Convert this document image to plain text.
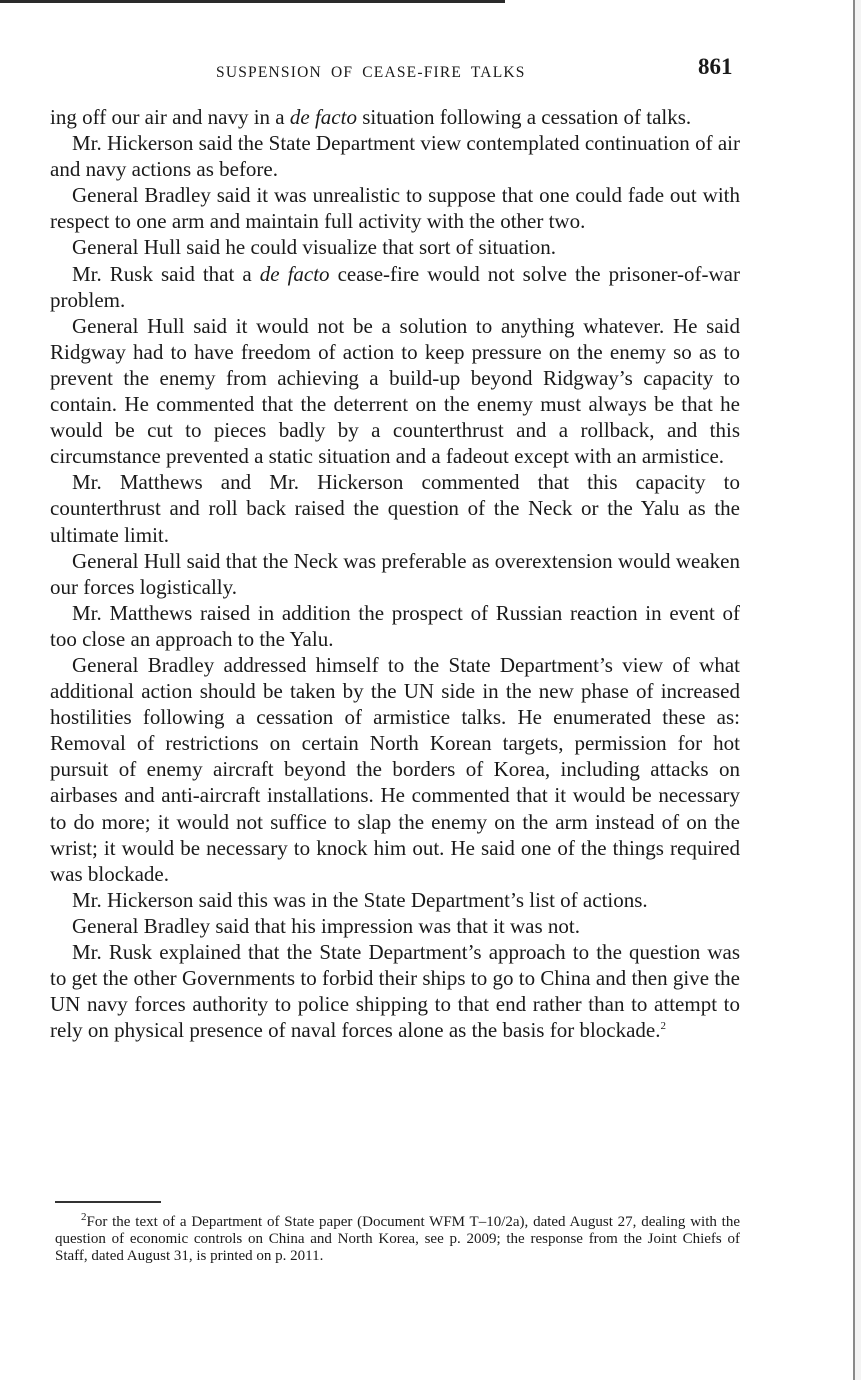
SUSPENSION OF CEASE-FIRE TALKS	861

ing off our air and navy in a de facto situation following a cessation of talks.

Mr. Hickerson said the State Department view contemplated continuation of air and navy actions as before.

General Bradley said it was unrealistic to suppose that one could fade out with respect to one arm and maintain full activity with the other two.

General Hull said he could visualize that sort of situation.

Mr. Rusk said that a de facto cease-fire would not solve the prisoner-of-war problem.

General Hull said it would not be a solution to anything whatever. He said Ridgway had to have freedom of action to keep pressure on the enemy so as to prevent the enemy from achieving a build-up beyond Ridgway’s capacity to contain. He commented that the deterrent on the enemy must always be that he would be cut to pieces badly by a counterthrust and a rollback, and this circumstance prevented a static situation and a fadeout except with an armistice.

Mr. Matthews and Mr. Hickerson commented that this capacity to counterthrust and roll back raised the question of the Neck or the Yalu as the ultimate limit.

General Hull said that the Neck was preferable as overextension would weaken our forces logistically.

Mr. Matthews raised in addition the prospect of Russian reaction in event of too close an approach to the Yalu.

General Bradley addressed himself to the State Department’s view of what additional action should be taken by the UN side in the new phase of increased hostilities following a cessation of armistice talks. He enumerated these as: Removal of restrictions on certain North Korean targets, permission for hot pursuit of enemy aircraft beyond the borders of Korea, including attacks on airbases and anti-aircraft installations. He commented that it would be necessary to do more; it would not suffice to slap the enemy on the arm instead of on the wrist; it would be necessary to knock him out. He said one of the things required was blockade.

Mr. Hickerson said this was in the State Department’s list of actions.

General Bradley said that his impression was that it was not.

Mr. Rusk explained that the State Department’s approach to the question was to get the other Governments to forbid their ships to go to China and then give the UN navy forces authority to police shipping to that end rather than to attempt to rely on physical presence of naval forces alone as the basis for blockade.$^2$

$^2$For the text of a Department of State paper (Document WFM T–10/2a), dated August 27, dealing with the question of economic controls on China and North Korea, see p. 2009; the response from the Joint Chiefs of Staff, dated August 31, is printed on p. 2011.
